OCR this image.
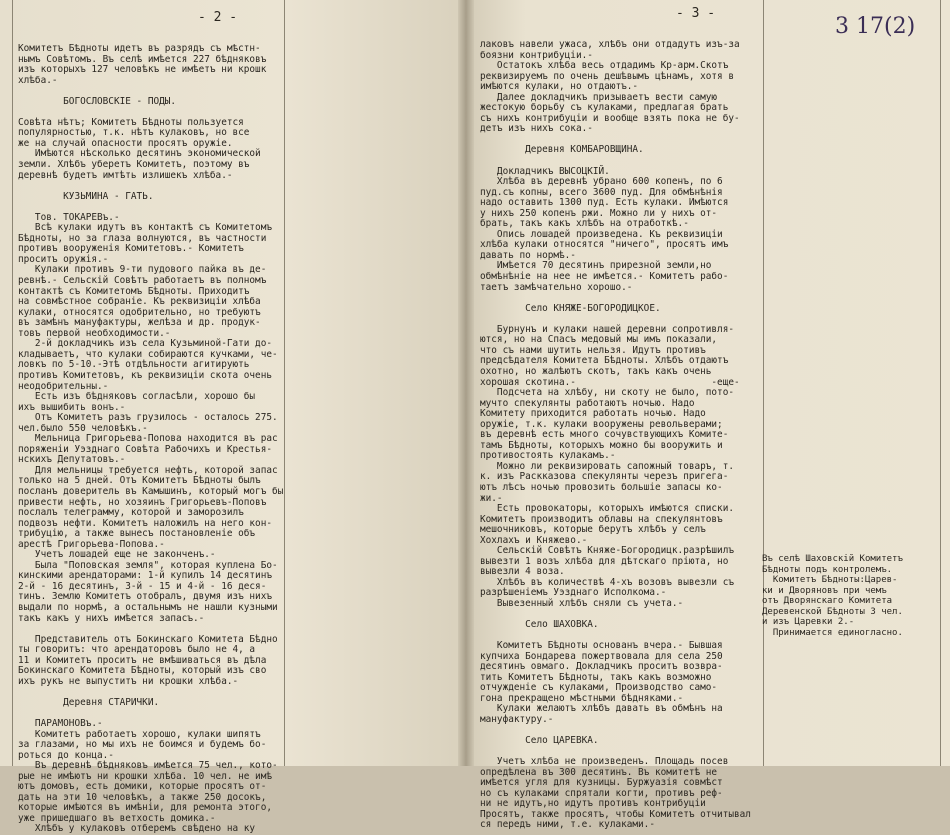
- 2 -	- 3 -
3 17(2)
Комитетъ Бѣдноты идетъ въ разрядъ съ мѣстн-
нымъ Совѣтомъ. Въ селѣ имѣется 227 бѣдняковъ
изъ которыхъ 127 человѣкъ не имѣетъ ни крошк
хлѣба.-

БОГОСЛОВСКIЕ - ПОДЫ.

Совѣта нѣтъ; Комитетъ Бѣдноты пользуется
популярностью, т.к. нѣтъ кулаковъ, но все
же на случай опасности просятъ оружiе.
Имѣются нѣсколько десятинъ экономической
земли. Хлѣбъ уберетъ Комитетъ, поэтому въ
деревнѣ будетъ имтѣть излишекъ хлѣба.-

КУЗЬМИНА - ГАТЬ.

Тов. ТОКАРЕВъ.-
Всѣ кулаки идутъ въ контактѣ съ Комитетомъ
Бѣдноты, но за глаза волнуются, въ частности
противъ вооруженiя Комитетовъ.- Комитетъ
проситъ оружiя.-
Кулаки противъ 9-ти пудового пайка въ де-
ревнѣ.- Сельскiй Совѣтъ работаетъ въ полномъ
контактѣ съ Комитетомъ Бѣдноты. Приходитъ
на совмѣстное собранiе. Къ реквизицiи хлѣба
кулаки, относятся одобрительно, но требуютъ
въ замѣнъ мануфактуры, желѣза и др. продук-
товъ первой необходимости.-
2-й докладчикъ изъ села Кузьминой-Гати до-
кладываетъ, что кулаки собираются кучками, че-
ловкъ по 5-10.-Этѣ отдѣльности агитирують
противъ Комитетовъ, къ реквизицiи скота очень
неодобрительны.-
Есть изъ бѣдняковъ согласѣли, хорошо бы
ихъ вышибить вонъ.-
Отъ Комитетъ разъ грузилось - осталось 275.
чел.было 550 человѣкъ.-
Мельница Григорьева-Попова находится въ рас
поряженіи Уэзднаго Совѣта Рабочихъ и Крестья-
нскихъ Депутатовъ.-
Для мельницы требуется нефть, которой запас
только на 5 дней. Отъ Комитетъ Бѣдноты былъ
посланъ доверитель въ Камышинъ, который могъ бы
привести нефть, но хозяинъ Григорьевъ-Поповъ
послалъ телеграмму, которой и заморозилъ
подвозъ нефти. Комитетъ наложилъ на него кон-
трибуцiю, а также вынесъ постановленiе объ
арестѣ Григорьева-Попова.-
Учетъ лошадей еще не законченъ.-
Была "Поповская земля", которая куплена Бо-
кинскими арендаторами: 1-й купилъ 14 десятинъ
2-й - 16 десятинъ, 3-й - 15 и 4-й - 16 деся-
тинъ. Землю Комитетъ отобралъ, двумя изъ нихъ
выдали по нормѣ, а остальнымъ не нашли кузными
такъ какъ у нихъ имѣется запасъ.-

Представитель отъ Бокинскаго Комитета Бѣдно
ты говоритъ: что арендаторовъ было не 4, а
11 и Комитетъ проситъ не вмѣшиваться въ дѣла
Бокинскаго Комитета Бѣдноты, который изъ сво
ихъ рукъ не выпуститъ ни крошки хлѣба.-

Деревня СТАРИЧКИ.

ПАРАМОНОВъ.-
Комитетъ работаетъ хорошо, кулаки шипятъ
за глазами, но мы ихъ не боимся и будемъ бо-
роться до конца.-
Въ деревнѣ бѣдняковъ имѣется 75 чел., кото-
рые не имѣютъ ни крошки хлѣба. 10 чел. не имѣ
ютъ домовъ, есть домики, которые просятъ от-
дать на эти 10 человѣкъ, а также 250 досокъ,
которые имѣются въ имѣнiи, для ремонта этого,
уже пришедшаго въ ветхость домика.-
Хлѣбъ у кулаковъ отберемъ свѣдено на ку
лаковъ навели ужаса, хлѣбъ они отдадутъ изъ-за
боязни контрибуцiи.-
Остатокъ хлѣба весь отдадимъ Кр-арм.Скотъ
реквизируемъ по очень дешѣвымъ цѣнамъ, хотя в
имѣются кулаки, но отдаютъ.-
Далее докладчикъ призываетъ вести самую
жестокую борьбу съ кулаками, предлагая брать
съ нихъ контрибуцiи и вообще взять пока не бу-
детъ изъ нихъ сока.-

Деревня КОМБАРОВЩИНА.

Докладчикъ ВЫСОЦКIЙ.
Хлѣба въ деревнѣ убрано 600 копенъ, по 6
пуд.съ копны, всего 3600 пуд. Для обмѣнѣнiя
надо оставить 1300 пуд. Есть кулаки. Имѣются
у нихъ 250 копенъ ржи. Можно ли у нихъ от-
брать, такъ какъ хлѣбъ на отработкѣ.-
Опись лошадей произведена. Къ реквизицiи
хлѣба кулаки относятся "ничего", просятъ имъ
давать по нормѣ.-
Имѣется 70 десятинъ прирезной земли,но
обмѣнѣнiе на нее не имѣется.- Комитетъ рабо-
таетъ замѣчательно хорошо.-

Село КНЯЖЕ-БОГОРОДИЦКОЕ.

Бурнунъ и кулаки нашей деревни сопротивля-
ются, но на Спасъ медовый мы имъ показали,
что съ нами шутить нельзя. Идутъ противъ
предсѣдателя Комитета Бѣдноты. Хлѣбъ отдаютъ
охотно, но жалѣютъ скотъ, такъ какъ очень
хорошая скотина.-                        -еще-
Подсчета на хлѣбу, ни скоту не было, пото-
мучто спекулянты работаютъ ночью. Надо
Комитету приходится работать ночью. Надо
оружiе, т.к. кулаки вооружены револьверами;
въ деревнѣ есть много сочувствующихъ Комите-
тамъ Бѣдноты, которыхъ можно бы вооружить и
противостоять кулакамъ.-
Можно ли реквизировать сапожный товаръ, т.
к. изъ Раскказова спекулянты черезъ пригега-
ютъ лѣсъ ночью провозить большiе запасы ко-
жи.-
Есть провокаторы, которыхъ имѣются списки.
Комитетъ производитъ облавы на спекулянтовъ
мешочниковъ, которые берутъ хлѣбъ у селъ
Хохлахъ и Княжево.-
Сельскiй Совѣтъ Княже-Богородицк.разрѣшилъ
вывезти 1 возъ хлѣба для дѣтскаго прiюта, но
вывезли 4 воза.
Хлѣбъ въ количествѣ 4-хъ возовъ вывезли съ
разрѣшенiемъ Уэзднаго Исполкома.-
Вывезенный хлѣбъ сняли съ учета.-

Село ШАХОВКА.

Комитетъ Бѣдноты основанъ вчера.- Бывшая
купчиха Бондарева пожертвовала для села 250
десятинъ овмаго. Докладчикъ проситъ возвра-
тить Комитетъ Бѣдноты, такъ какъ возможно
отчужденiе съ кулаками, Производство само-
гона прекращено мѣстными бѣдняками.-
Кулаки желаютъ хлѣбъ давать въ обмѣнъ на
мануфактуру.-

Село ЦАРЕВКА.

Учетъ хлѣба не произведенъ. Площадь посев
опредѣлена въ 300 десятинъ. Въ комитетѣ не
имѣется угля для кузницы. Буржуазiя совмѣст
но съ кулаками спрятали когти, противъ реф-
ни не идутъ,но идутъ противъ контрибуцiи
Просятъ, также просятъ, чтобы Комитетъ отчитывал
ся передъ ними, т.е. кулаками.-
Въ селѣ Шаховскiй Комитетъ
Бѣдноты подъ контролемъ.
Комитетъ Бѣдноты:Царев-
ки и Дворяновъ при чемъ
отъ Дворянскаго Комитета
Деревенской Бѣдноты 3 чел.
и изъ Царевки 2.-
Принимается единогласно.
